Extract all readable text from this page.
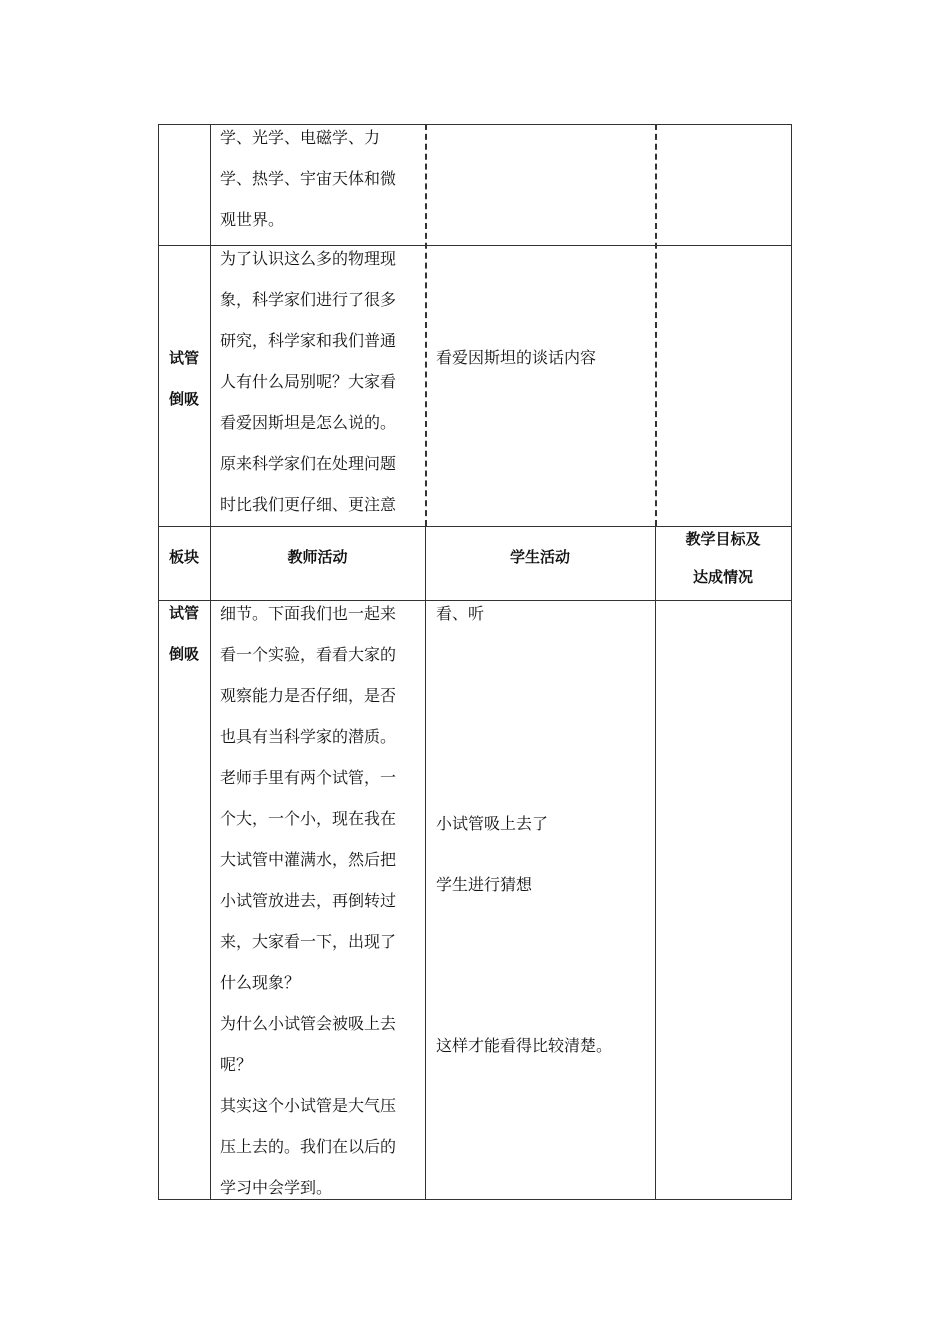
学、光学、电磁学、力
学、热学、宇宙天体和微
观世界。

试管
倒吸

为了认识这么多的物理现
象，科学家们进行了很多
研究，科学家和我们普通
人有什么局别呢？大家看
看爱因斯坦是怎么说的。

原来科学家们在处理问题
时比我们更仔细、更注意

看爱因斯坦的谈话内容

板块	教师活动	学生活动

教学目标及
达成情况

试管
倒吸

细节。下面我们也一起来
看一个实验，看看大家的
观察能力是否仔细，是否
也具有当科学家的潜质。

老师手里有两个试管，一
个大，一个小，现在我在
大试管中灌满水，然后把
小试管放进去，再倒转过
来，大家看一下，出现了
什么现象？

为什么小试管会被吸上去
呢？

其实这个小试管是大气压
压上去的。我们在以后的
学习中会学到。

看、听
小试管吸上去了
学生进行猜想
这样才能看得比较清楚。
